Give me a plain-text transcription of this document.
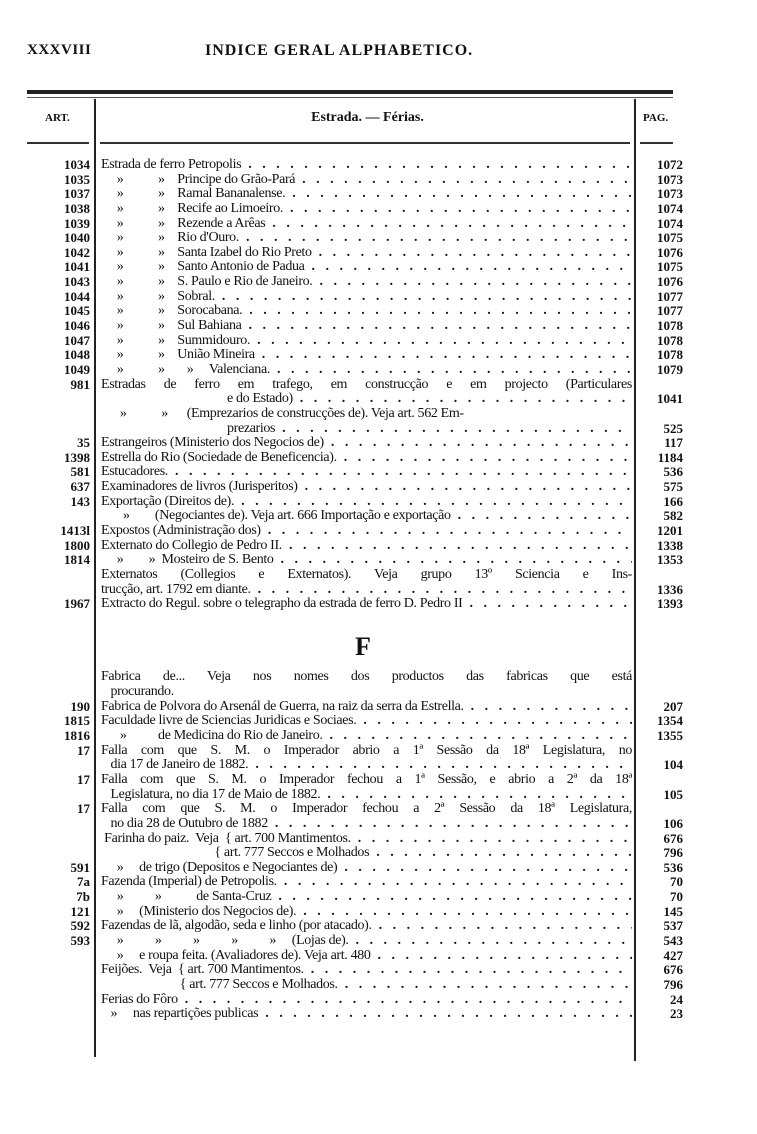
XXXVIII	INDICE GERAL ALPHABETICO.
ART.	Estrada. — Férias.	PAG.
1034 Estrada de ferro Petropolis . . .	1072
1035 »           »    Principe do Grão-Pará . . .	1073
1037 »           »    Ramal Bananalense. . . .	1073
1038 »           »    Recife ao Limoeiro. . . .	1074
1039 »           »    Rezende a Arêas . . .	1074
1040 »           »    Rio d'Ouro. . . .	1075
1042 »           »    Santa Izabel do Rio Preto . . .	1076
1041 »           »    Santo Antonio de Padua . . .	1075
1043 »           »    S. Paulo e Rio de Janeiro. . . .	1076
1044 »           »    Sobral. . . .	1077
1045 »           »    Sorocabana. . . .	1077
1046 »           »    Sul Bahiana . . .	1078
1047 »           »    Summidouro. . . .	1078
1048 »           »    União Mineira . . .	1078
1049 »           »       »     Valenciana. . . .	1079
981 Estradas de ferro em trafego, em construcção e em projecto (Particulares
e do Estado) . . .	1041
»           »      (Emprezarios de construcções de). Veja art. 562 Em-
prezarios . . .	525
35 Estrangeiros (Ministerio dos Negocios de) . . .	117
1398 Estrella do Rio (Sociedade de Beneficencia). . . .	1184
581 Estucadores. . . .	536
637 Examinadores de livros (Jurisperitos) . . .	575
143 Exportação (Direitos de). . . .	166
»        (Negociantes de). Veja art. 666 Importação e exportação . . .	582
1413l Expostos (Administração dos) . . .	1201
1800 Externato do Collegio de Pedro II. . . .	1338
1814 »        »  Mosteiro de S. Bento . . .	1353
Externatos (Collegios e Externatos). Veja grupo 13º Sciencia e Ins-
trucção, art. 1792 em diante. . . .	1336
1967 Extracto do Regul. sobre o telegrapho da estrada de ferro D. Pedro II . . .	1393
F
Fabrica de... Veja nos nomes dos productos das fabricas que está
procurando.
190 Fabrica de Polvora do Arsenál de Guerra, na raiz da serra da Estrella. . . .	207
1815 Faculdade livre de Sciencias Juridicas e Sociaes. . . .	1354
1816 »          de Medicina do Rio de Janeiro. . . .	1355
17 Falla com que S. M. o Imperador abrio a 1ª Sessão da 18ª Legislatura, no
dia 17 de Janeiro de 1882. . . .	104
17 Falla com que S. M. o Imperador fechou a 1ª Sessão, e abrio a 2ª da 18ª
Legislatura, no dia 17 de Maio de 1882. . . .	105
17 Falla com que S. M. o Imperador fechou a 2ª Sessão da 18ª Legislatura,
no dia 28 de Outubro de 1882 . . .	106
Farinha do paiz.  Veja  { art. 700 Mantimentos. . . .	676
{ art. 777 Seccos e Molhados . . .	796
591 »     de trigo (Depositos e Negociantes de) . . .	536
7a Fazenda (Imperial) de Petropolis. . . .	70
7b »          »           de Santa-Cruz . . .	70
121 »     (Ministerio dos Negocios de). . . .	145
592 Fazendas de lã, algodão, seda e linho (por atacado). . . .	537
593 »          »          »          »          »     (Lojas de). . . .	543
»     e roupa feita. (Avaliadores de). Veja art. 480 . . .	427
Feijões.  Veja  { art. 700 Mantimentos. . . .	676
{ art. 777 Seccos e Molhados. . . .	796
Ferias do Fôro . . .	24
»     nas repartições publicas . . .	23
